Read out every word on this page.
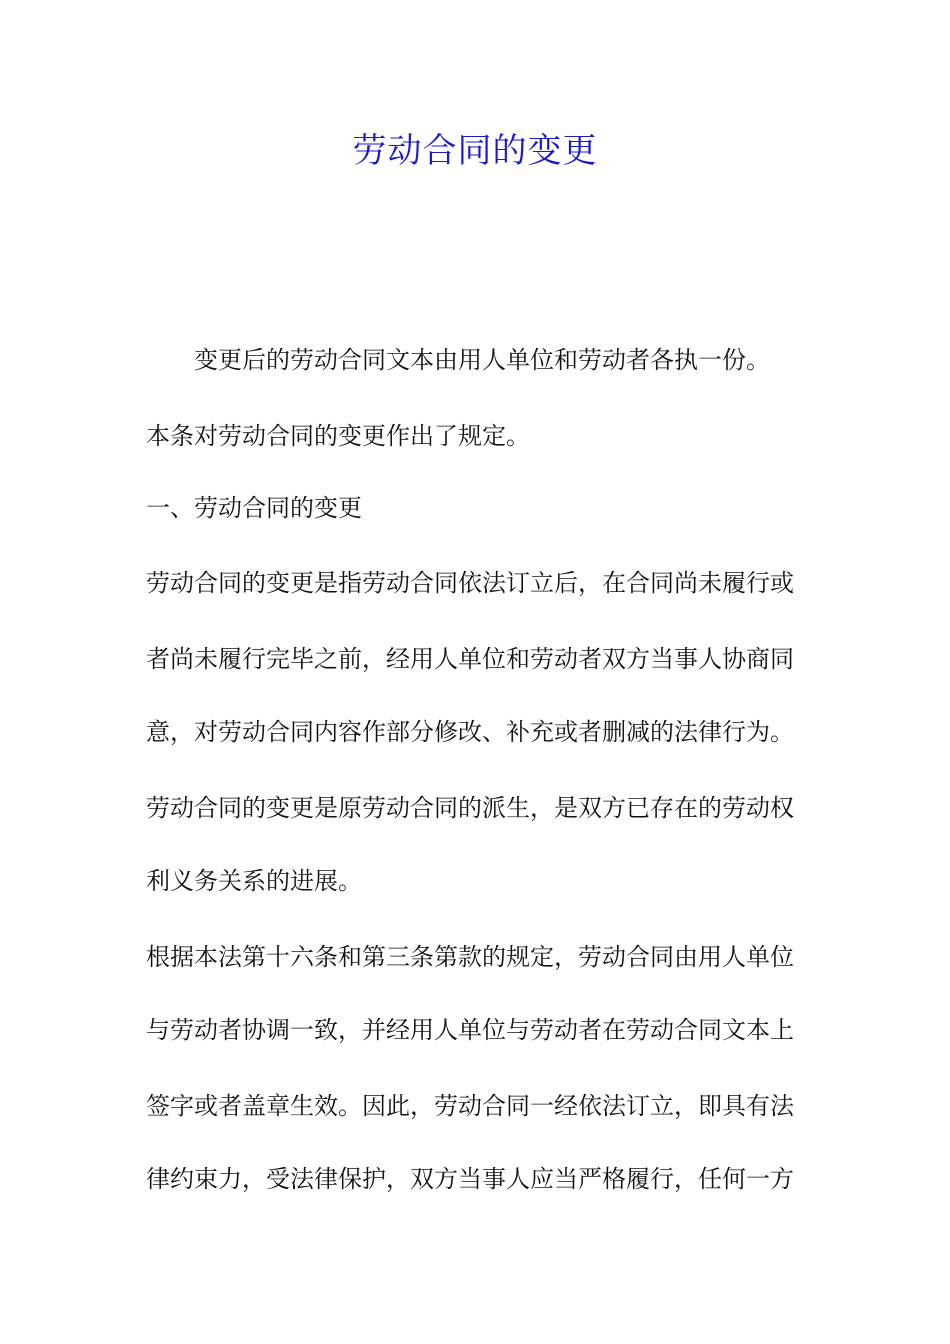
劳动合同的变更

变更后的劳动合同文本由用人单位和劳动者各执一份。

本条对劳动合同的变更作出了规定。

一、劳动合同的变更

劳动合同的变更是指劳动合同依法订立后，在合同尚未履行或

者尚未履行完毕之前，经用人单位和劳动者双方当事人协商同

意，对劳动合同内容作部分修改、补充或者删减的法律行为。

劳动合同的变更是原劳动合同的派生，是双方已存在的劳动权

利义务关系的进展。

根据本法第十六条和第三条第款的规定，劳动合同由用人单位

与劳动者协调一致，并经用人单位与劳动者在劳动合同文本上

签字或者盖章生效。因此，劳动合同一经依法订立，即具有法

律约束力，受法律保护，双方当事人应当严格履行，任何一方
